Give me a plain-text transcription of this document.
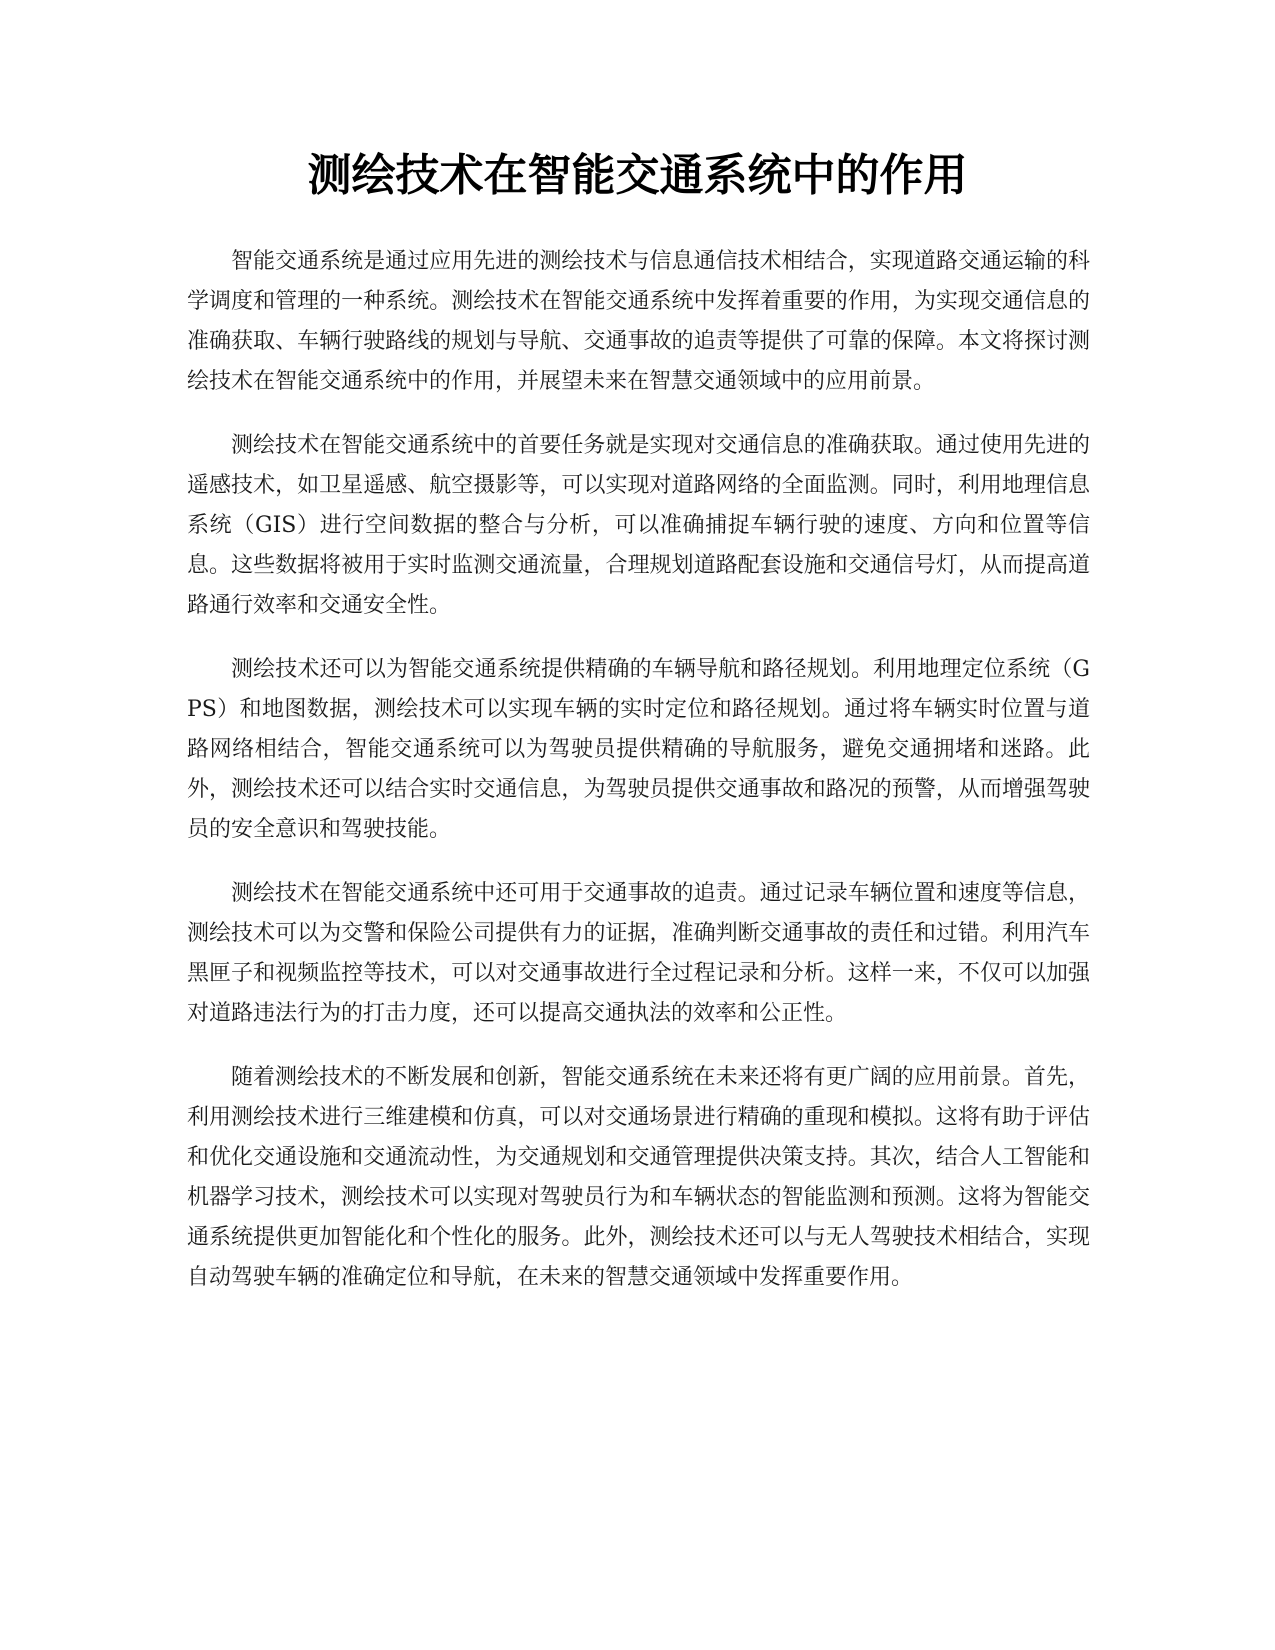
测绘技术在智能交通系统中的作用

智能交通系统是通过应用先进的测绘技术与信息通信技术相结合，实现道路交通运输的科学调度和管理的一种系统。测绘技术在智能交通系统中发挥着重要的作用，为实现交通信息的准确获取、车辆行驶路线的规划与导航、交通事故的追责等提供了可靠的保障。本文将探讨测绘技术在智能交通系统中的作用，并展望未来在智慧交通领域中的应用前景。

测绘技术在智能交通系统中的首要任务就是实现对交通信息的准确获取。通过使用先进的遥感技术，如卫星遥感、航空摄影等，可以实现对道路网络的全面监测。同时，利用地理信息系统（GIS）进行空间数据的整合与分析，可以准确捕捉车辆行驶的速度、方向和位置等信息。这些数据将被用于实时监测交通流量，合理规划道路配套设施和交通信号灯，从而提高道路通行效率和交通安全性。

测绘技术还可以为智能交通系统提供精确的车辆导航和路径规划。利用地理定位系统（GPS）和地图数据，测绘技术可以实现车辆的实时定位和路径规划。通过将车辆实时位置与道路网络相结合，智能交通系统可以为驾驶员提供精确的导航服务，避免交通拥堵和迷路。此外，测绘技术还可以结合实时交通信息，为驾驶员提供交通事故和路况的预警，从而增强驾驶员的安全意识和驾驶技能。

测绘技术在智能交通系统中还可用于交通事故的追责。通过记录车辆位置和速度等信息，测绘技术可以为交警和保险公司提供有力的证据，准确判断交通事故的责任和过错。利用汽车黑匣子和视频监控等技术，可以对交通事故进行全过程记录和分析。这样一来，不仅可以加强对道路违法行为的打击力度，还可以提高交通执法的效率和公正性。

随着测绘技术的不断发展和创新，智能交通系统在未来还将有更广阔的应用前景。首先，利用测绘技术进行三维建模和仿真，可以对交通场景进行精确的重现和模拟。这将有助于评估和优化交通设施和交通流动性，为交通规划和交通管理提供决策支持。其次，结合人工智能和机器学习技术，测绘技术可以实现对驾驶员行为和车辆状态的智能监测和预测。这将为智能交通系统提供更加智能化和个性化的服务。此外，测绘技术还可以与无人驾驶技术相结合，实现自动驾驶车辆的准确定位和导航，在未来的智慧交通领域中发挥重要作用。
